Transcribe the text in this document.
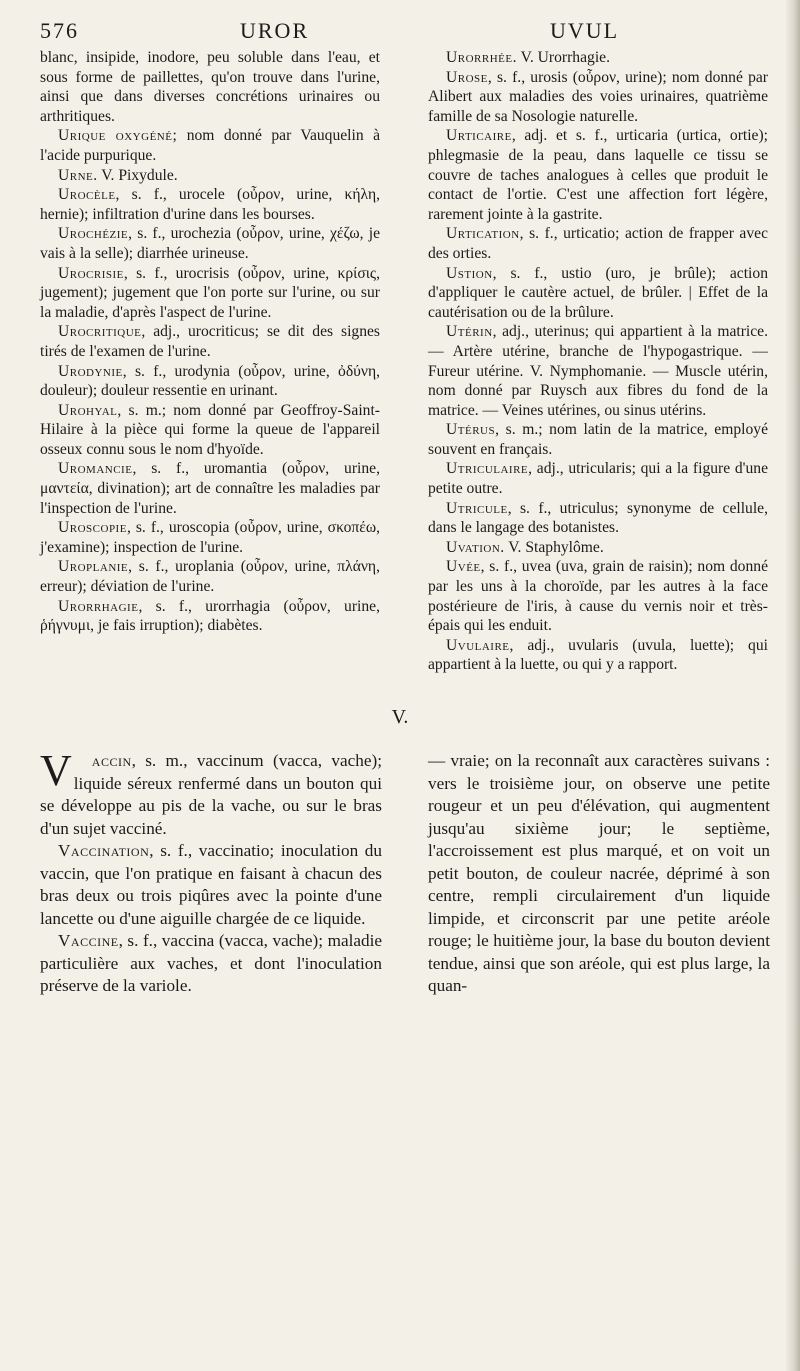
576	UROR	UVUL

blanc, insipide, inodore, peu soluble dans l'eau, et sous forme de paillettes, qu'on trouve dans l'urine, ainsi que dans diverses concrétions urinaires ou arthritiques.

Urique oxygéné; nom donné par Vauquelin à l'acide purpurique.

Urne. V. Pixydule.

Urocèle, s. f., urocele (οὖρον, urine, κήλη, hernie); infiltration d'urine dans les bourses.

Urochézie, s. f., urochezia (οὖρον, urine, χέζω, je vais à la selle); diarrhée urineuse.

Urocrisie, s. f., urocrisis (οὖρον, urine, κρίσις, jugement); jugement que l'on porte sur l'urine, ou sur la maladie, d'après l'aspect de l'urine.

Urocritique, adj., urocriticus; se dit des signes tirés de l'examen de l'urine.

Urodynie, s. f., urodynia (οὖρον, urine, ὀδύνη, douleur); douleur ressentie en urinant.

Urohyal, s. m.; nom donné par Geoffroy-Saint-Hilaire à la pièce qui forme la queue de l'appareil osseux connu sous le nom d'hyoïde.

Uromancie, s. f., uromantia (οὖρον, urine, μαντεία, divination); art de connaître les maladies par l'inspection de l'urine.

Uroscopie, s. f., uroscopia (οὖρον, urine, σκοπέω, j'examine); inspection de l'urine.

Uroplanie, s. f., uroplania (οὖρον, urine, πλάνη, erreur); déviation de l'urine.

Urorrhagie, s. f., urorrhagia (οὖρον, urine, ῥήγνυμι, je fais irruption); diabètes.

Urorrhée. V. Urorrhagie.

Urose, s. f., urosis (οὖρον, urine); nom donné par Alibert aux maladies des voies urinaires, quatrième famille de sa Nosologie naturelle.

Urticaire, adj. et s. f., urticaria (urtica, ortie); phlegmasie de la peau, dans laquelle ce tissu se couvre de taches analogues à celles que produit le contact de l'ortie. C'est une affection fort légère, rarement jointe à la gastrite.

Urtication, s. f., urticatio; action de frapper avec des orties.

Ustion, s. f., ustio (uro, je brûle); action d'appliquer le cautère actuel, de brûler. | Effet de la cautérisation ou de la brûlure.

Utérin, adj., uterinus; qui appartient à la matrice. — Artère utérine, branche de l'hypogastrique. — Fureur utérine. V. Nymphomanie. — Muscle utérin, nom donné par Ruysch aux fibres du fond de la matrice. — Veines utérines, ou sinus utérins.

Utérus, s. m.; nom latin de la matrice, employé souvent en français.

Utriculaire, adj., utricularis; qui a la figure d'une petite outre.

Utricule, s. f., utriculus; synonyme de cellule, dans le langage des botanistes.

Uvation. V. Staphylôme.

Uvée, s. f., uvea (uva, grain de raisin); nom donné par les uns à la choroïde, par les autres à la face postérieure de l'iris, à cause du vernis noir et très-épais qui les enduit.

Uvulaire, adj., uvularis (uvula, luette); qui appartient à la luette, ou qui y a rapport.

V.

V accin, s. m., vaccinum (vacca, vache); liquide séreux renfermé dans un bouton qui se développe au pis de la vache, ou sur le bras d'un sujet vacciné.

Vaccination, s. f., vaccinatio; inoculation du vaccin, que l'on pratique en faisant à chacun des bras deux ou trois piqûres avec la pointe d'une lancette ou d'une aiguille chargée de ce liquide.

Vaccine, s. f., vaccina (vacca, vache); maladie particulière aux vaches, et dont l'inoculation préserve de la variole.

— vraie; on la reconnaît aux caractères suivans : vers le troisième jour, on observe une petite rougeur et un peu d'élévation, qui augmentent jusqu'au sixième jour; le septième, l'accroissement est plus marqué, et on voit un petit bouton, de couleur nacrée, déprimé à son centre, rempli circulairement d'un liquide limpide, et circonscrit par une petite aréole rouge; le huitième jour, la base du bouton devient tendue, ainsi que son aréole, qui est plus large, la quan-
